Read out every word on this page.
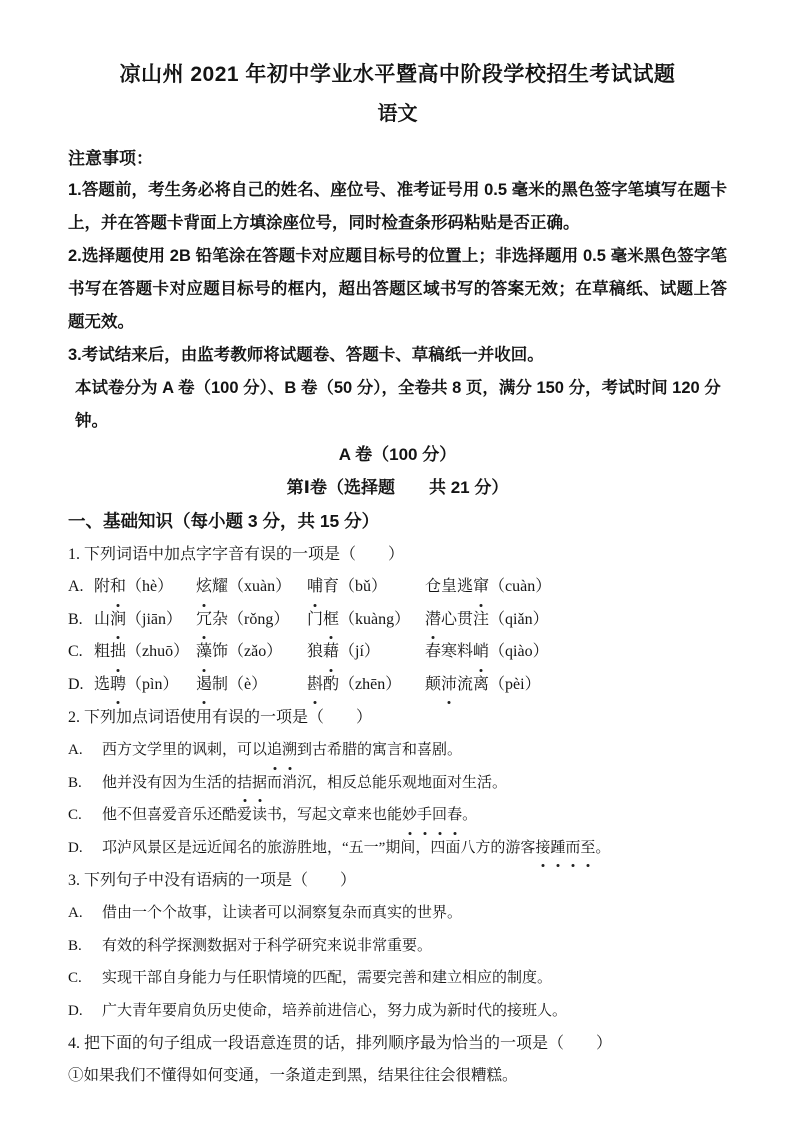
凉山州 2021 年初中学业水平暨高中阶段学校招生考试试题
语文
注意事项：

1.答题前，考生务必将自己的姓名、座位号、准考证号用 0.5 毫米的黑色签字笔填写在题卡上，并在答题卡背面上方填涂座位号，同时检查条形码粘贴是否正确。

2.选择题使用 2B 铅笔涂在答题卡对应题目标号的位置上；非选择题用 0.5 毫米黑色签字笔书写在答题卡对应题目标号的框内，超出答题区域书写的答案无效；在草稿纸、试题上答题无效。

3.考试结来后，由监考教师将试题卷、答题卡、草稿纸一并收回。

本试卷分为 A 卷（100 分）、B 卷（50 分），全卷共 8 页，满分 150 分，考试时间 120 分钟。

A 卷（100 分）
第Ⅰ卷（选择题　　共 21 分）
一、基础知识（每小题 3 分，共 15 分）

1. 下列词语中加点字字音有误的一项是（　　）

A. 附和（hè）	炫耀（xuàn） 哺育（bǔ）	仓皇逃窜（cuàn）
B. 山涧（jiān） 冗杂（rǒng）	门框（kuàng） 潜心贯注（qiǎn）
C. 粗拙（zhuō） 藻饰（zǎo）	狼藉（jí）	春寒料峭（qiào）
D. 选聘（pìn）	遏制（è）	斟酌（zhēn）	颠沛流离（pèi）

2. 下列加点词语使用有误的一项是（　　）

A.	西方文学里的讽刺，可以追溯到古希腊的寓言和喜剧。
B.	他并没有因为生活的拮据而消沉，相反总能乐观地面对生活。
C.	他不但喜爱音乐还酷爱读书，写起文章来也能妙手回春。
D.	邛泸风景区是远近闻名的旅游胜地，“五一”期间，四面八方的游客接踵而至。

3. 下列句子中没有语病的一项是（　　）

A.	借由一个个故事，让读者可以洞察复杂而真实的世界。
B.	有效的科学探测数据对于科学研究来说非常重要。
C.	实现干部自身能力与任职情境的匹配，需要完善和建立相应的制度。
D.	广大青年要肩负历史使命，培养前进信心，努力成为新时代的接班人。

4. 把下面的句子组成一段语意连贯的话，排列顺序最为恰当的一项是（　　）

①如果我们不懂得如何变通，一条道走到黑，结果往往会很糟糕。
